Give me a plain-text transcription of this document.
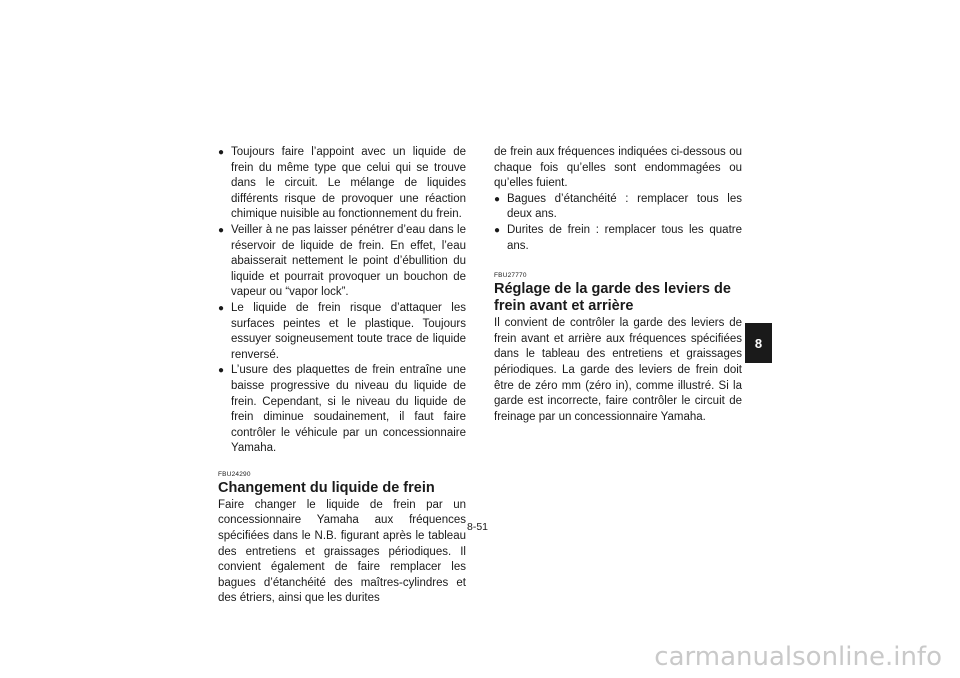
● Toujours faire l’appoint avec un liquide de frein du même type que celui qui se trouve dans le circuit. Le mélange de liquides différents risque de provoquer une réaction chimique nuisible au fonctionnement du frein.
● Veiller à ne pas laisser pénétrer d’eau dans le réservoir de liquide de frein. En effet, l’eau abaisserait nettement le point d’ébullition du liquide et pourrait provoquer un bouchon de vapeur ou “vapor lock”.
● Le liquide de frein risque d’attaquer les surfaces peintes et le plastique. Toujours essuyer soigneusement toute trace de liquide renversé.
● L’usure des plaquettes de frein entraîne une baisse progressive du niveau du liquide de frein. Cependant, si le niveau du liquide de frein diminue soudainement, il faut faire contrôler le véhicule par un concessionnaire Yamaha.
FBU24290
Changement du liquide de frein

Faire changer le liquide de frein par un concessionnaire Yamaha aux fréquences spécifiées dans le N.B. figurant après le tableau des entretiens et graissages périodiques. Il convient également de faire remplacer les bagues d’étanchéité des maîtres-cylindres et des étriers, ainsi que les durites

de frein aux fréquences indiquées ci-dessous ou chaque fois qu’elles sont endommagées ou qu’elles fuient.

● Bagues d’étanchéité : remplacer tous les deux ans.
● Durites de frein : remplacer tous les quatre ans.
FBU27770
Réglage de la garde des leviers de frein avant et arrière

Il convient de contrôler la garde des leviers de frein avant et arrière aux fréquences spécifiées dans le tableau des entretiens et graissages périodiques. La garde des leviers de frein doit être de zéro mm (zéro in), comme illustré. Si la garde est incorrecte, faire contrôler le circuit de freinage par un concessionnaire Yamaha.

8
8-51
carmanualsonline.info
